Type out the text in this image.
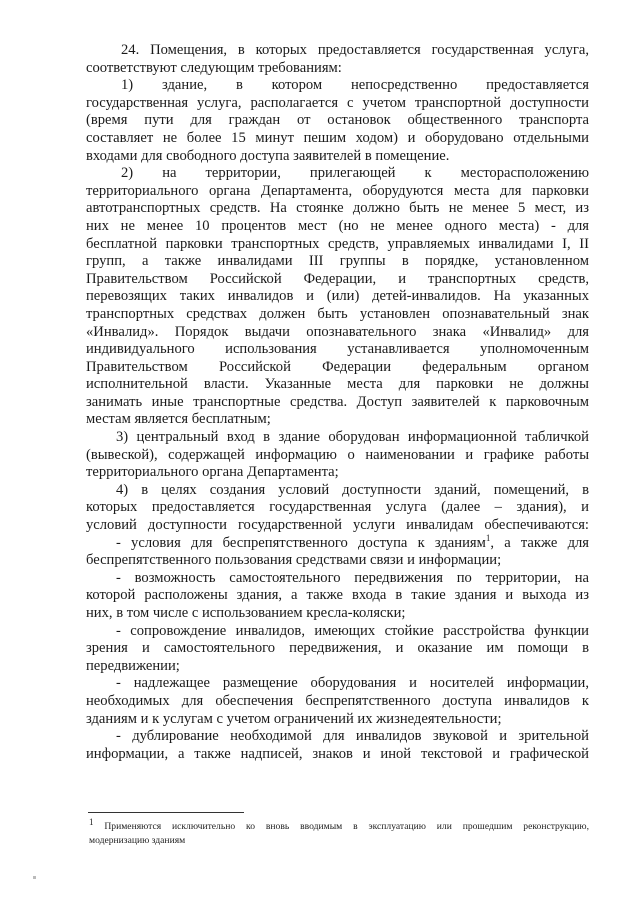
24. Помещения, в которых предоставляется государственная услуга,
соответствуют следующим требованиям:
1) здание, в котором непосредственно предоставляется
государственная услуга, располагается с учетом транспортной доступности
(время пути для граждан от остановок общественного транспорта
составляет не более 15 минут пешим ходом) и оборудовано отдельными
входами для свободного доступа заявителей в помещение.
2) на территории, прилегающей к месторасположению
территориального органа Департамента, оборудуются места для парковки
автотранспортных средств. На стоянке должно быть не менее 5 мест, из
них не менее 10 процентов мест (но не менее одного места) - для
бесплатной парковки транспортных средств, управляемых инвалидами I, II
групп, а также инвалидами III группы в порядке, установленном
Правительством Российской Федерации, и транспортных средств,
перевозящих таких инвалидов и (или) детей-инвалидов. На указанных
транспортных средствах должен быть установлен опознавательный знак
«Инвалид». Порядок выдачи опознавательного знака «Инвалид» для
индивидуального использования устанавливается уполномоченным
Правительством Российской Федерации федеральным органом
исполнительной власти. Указанные места для парковки не должны
занимать иные транспортные средства. Доступ заявителей к парковочным
местам является бесплатным;
3) центральный вход в здание оборудован информационной табличкой
(вывеской), содержащей информацию о наименовании и графике работы
территориального органа Департамента;
4) в целях создания условий доступности зданий, помещений, в
которых предоставляется государственная услуга (далее – здания), и
условий доступности государственной услуги инвалидам обеспечиваются:
- условия для беспрепятственного доступа к зданиям$^1$, а также для
беспрепятственного пользования средствами связи и информации;
- возможность самостоятельного передвижения по территории, на
которой расположены здания, а также входа в такие здания и выхода из
них, в том числе с использованием кресла-коляски;
- сопровождение инвалидов, имеющих стойкие расстройства функции
зрения и самостоятельного передвижения, и оказание им помощи в
передвижении;
- надлежащее размещение оборудования и носителей информации,
необходимых для обеспечения беспрепятственного доступа инвалидов к
зданиям и к услугам с учетом ограничений их жизнедеятельности;
- дублирование необходимой для инвалидов звуковой и зрительной
информации, а также надписей, знаков и иной текстовой и графической
$^1$ Применяются исключительно ко вновь вводимым в эксплуатацию или прошедшим реконструкцию,
модернизацию зданиям
